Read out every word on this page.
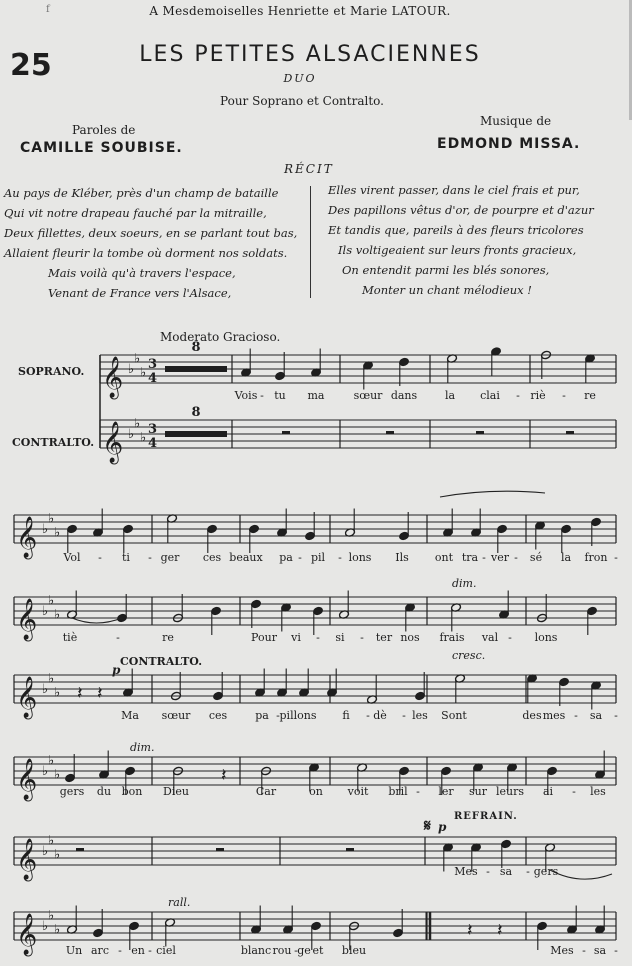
f	A Mesdemoiselles Henriette et Marie LATOUR.
25	LES PETITES ALSACIENNES
DUO
Pour Soprano et Contralto.
Paroles de
CAMILLE SOUBISE.
Musique de
EDMOND MISSA.
RÉCIT
Au pays de Kléber, près d'un champ de bataille
Qui vit notre drapeau fauché par la mitraille,
Deux fillettes, deux soeurs, en se parlant tout bas,
Allaient fleurir la tombe où dorment nos soldats.
Mais voilà qu'à travers l'espace,
Venant de France vers l'Alsace,
Elles virent passer, dans le ciel frais et pur,
Des papillons vêtus d'or, de pourpre et d'azur
Et tandis que, pareils à des fleurs tricolores
Ils voltigeaient sur leurs fronts gracieux,
On entendit parmi les blés sonores,
Monter un chant mélodieux !
Moderato Gracioso.
𝄞 ♭
♭
♭
3
4
𝄞 ♭
♭
♭
3
4
SOPRANO.
CONTRALTO.
8
8
Vois - tu ma	sœur dans	la clai - riè - re
𝄞 ♭
♭
♭
Vol - ti - ger ces beaux pa - pil - lons Ils ont tra - ver - sé la fron -
𝄞 ♭
♭
♭
dim.
tiè	-	re	Pour vi - si - ter nos frais val - lons
𝄞 ♭
♭
♭
CONTRALTO.
p
𝄽 𝄽
cresc.
Ma sœur ces	pa - pillons fi - dè - les Sont	des mes - sa -
𝄞 ♭
♭
♭
dim.
𝄽
gers du bon Dieu	Car	on voit bril - ler sur leurs ai - les
𝄞 ♭
♭
♭
𝄋 p
REFRAIN.
Mes - sa - gers
𝄞 ♭
♭
♭
rall.
𝄽 𝄽
Un arc - en - ciel	blanc rou - ge et bleu	Mes - sa -
